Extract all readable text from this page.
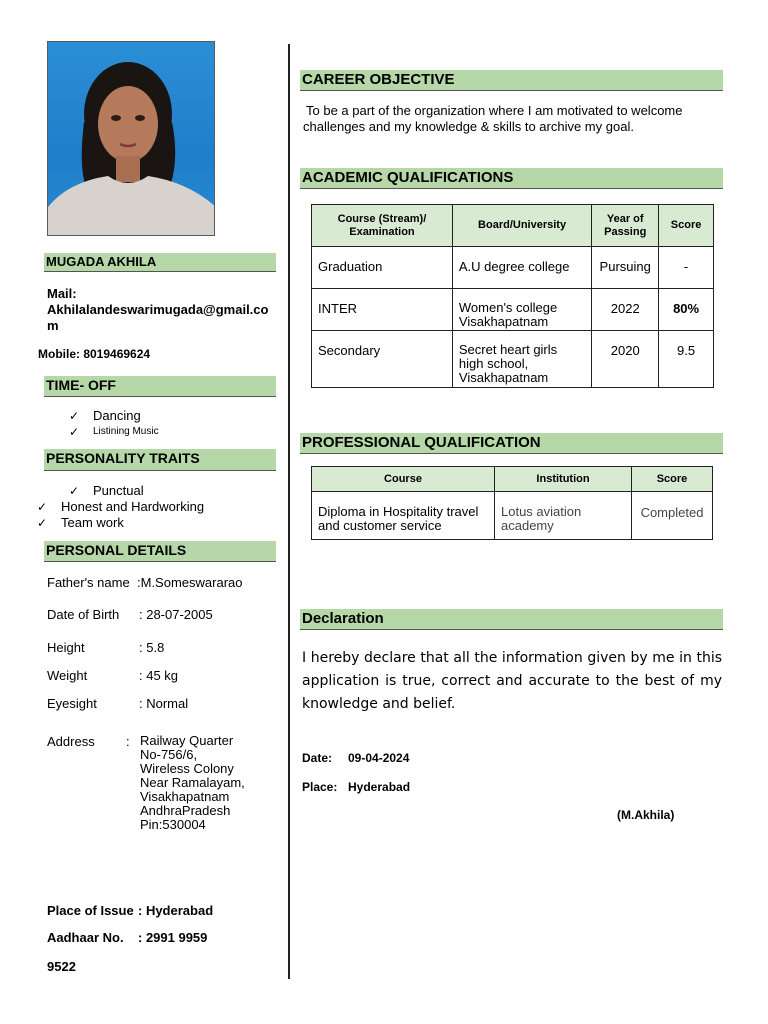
MUGADA AKHILA
Mail:
Akhilalandeswarimugada@gmail.com
Mobile: 8019469624
TIME- OFF
✓ Dancing
✓ Listining Music
PERSONALITY TRAITS
✓ Punctual
✓ Honest and Hardworking
✓ Team work
PERSONAL DETAILS
Father's name :M.Someswararao
Date of Birth : 28-07-2005
Height	: 5.8
Weight	: 45 kg
Eyesight	: Normal
Address : Railway Quarter
No-756/6,
Wireless Colony
Near Ramalayam,
Visakhapatnam
AndhraPradesh
Pin:530004
Place of Issue : Hyderabad
Aadhaar No. : 2991 9959
9522
CAREER OBJECTIVE
To be a part of the organization where I am motivated to welcome challenges and my knowledge & skills to archive my goal.
ACADEMIC QUALIFICATIONS
Course (Stream)/ Examination	Board/University	Year of Passing	Score
Graduation	A.U degree college	Pursuing	-
INTER	Women's college Visakhapatnam	2022	80%
Secondary	Secret heart girls high school, Visakhapatnam	2020	9.5
PROFESSIONAL QUALIFICATION
Course	Institution	Score
Diploma in Hospitality travel and customer service	Lotus aviation academy	Completed
Declaration
I hereby declare that all the information given by me in this application is true, correct and accurate to the best of my knowledge and belief.
Date: 09-04-2024
Place: Hyderabad
(M.Akhila)
